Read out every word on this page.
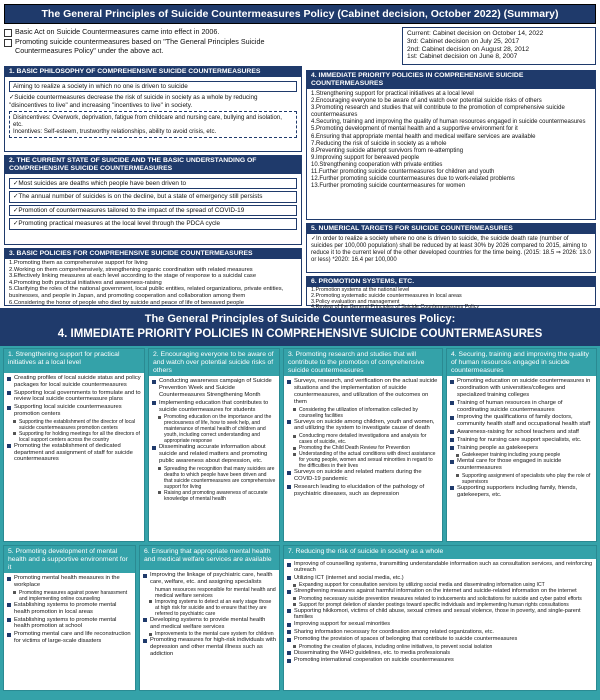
The General Principles of Suicide Countermeasures Policy (Cabinet decision, October 2022) (Summary)
Basic Act on Suicide Countermeasures came into effect in 2006.
Promoting suicide countermeasures based on "The General Principles Suicide Countermeasures Policy" under the above act.
Current: Cabinet decision on October 14, 2022
3rd: Cabinet decision on July 25, 2017
2nd: Cabinet decision on August 28, 2012
1st: Cabinet decision on June 8, 2007
1. BASIC PHILOSOPHY OF COMPREHENSIVE SUICIDE COUNTERMEASURES
Aiming to realize a society in which no one is driven to suicide
✓ Suicide countermeasures decrease the risk of suicide in society as a whole by reducing "disincentives to live" and increasing "incentives to live" in society.
Disincentives: Overwork, deprivation, fatigue from childcare and nursing care, bullying and isolation, etc.
Incentives: Self-esteem, trustworthy relationships, ability to avoid crisis, etc.
2. THE CURRENT STATE OF SUICIDE AND THE BASIC UNDERSTANDING OF COMPREHENSIVE SUICIDE COUNTERMEASURES
✓ Most suicides are deaths which people have been driven to
✓ The annual number of suicides is on the decline, but a state of emergency still persists
✓ Promotion of countermeasures tailored to the impact of the spread of COVID-19
✓ Promoting practical measures at the local level through the PDCA cycle
3. BASIC POLICIES FOR COMPREHENSIVE SUICIDE COUNTERMEASURES
1.Promoting them as comprehensive support for living
2.Working on them comprehensively, strengthening organic coordination with related measures
3.Effectively linking measures at each level according to the stage of response to a suicidal case
4.Promoting both practical initiatives and awareness-raising
5.Clarifying the roles of the national government, local public entities, related organizations, private entities, businesses, and people in Japan, and promoting cooperation and collaboration among them
6.Considering the honor of people who died by suicide and peace of life of bereaved people
4. IMMEDIATE PRIORITY POLICIES IN COMPREHENSIVE SUICIDE COUNTERMEASURES
1.Strengthening support for practical initiatives at a local level
2.Encouraging everyone to be aware of and watch over potential suicide risks of others
3.Promoting research and studies that will contribute to the promotion of comprehensive suicide countermeasures
4.Securing, training and improving the quality of human resources engaged in suicide countermeasures
5.Promoting development of mental health and a supportive environment for it
6.Ensuring that appropriate mental health and medical welfare services are available
7.Reducing the risk of suicide in society as a whole
8.Preventing suicide attempt survivors from re-attempting
9.Improving support for bereaved people
10.Strengthening cooperation with private entities
11.Further promoting suicide countermeasures for children and youth
12.Further promoting suicide countermeasures due to work-related problems
13.Further promoting suicide countermeasures for women
5. NUMERICAL TARGETS FOR SUICIDE COUNTERMEASURES
✓ In order to realize a society where no one is driven to suicide, the suicide death rate (number of suicides per 100,000 population) shall be reduced by at least 30% by 2026 compared to 2015, aiming to reduce it to the current level of the other developed countries for the time being. (2015: 18.5 ⇒ 2026: 13.0 or less) *2020: 16.4 per 100,000
6. PROMOTION SYSTEMS, ETC.
1.Promotion systems at the national level
2.Promoting systematic suicide countermeasures in local areas
3.Policy evaluation and management
The General Principles of Suicide Countermeasures Policy:
4. IMMEDIATE PRIORITY POLICIES IN COMPREHENSIVE SUICIDE COUNTERMEASURES
1. Strengthening support for practical initiatives at a local level
Creating profiles of local suicide status and policy packages for local suicide countermeasures
Supporting local governments to formulate and to review local suicide countermeasure plans
Supporting local suicide countermeasures promotion centers
Supporting the establishment of the director of local suicide countermeasures promotion centers
Supporting for holding meetings for all the directors of local support centers across the country
Promoting the establishment of dedicated department and assignment of staff for suicide countermeasures
2. Encouraging everyone to be aware of and watch over potential suicide risks of others
Conducting awareness campaign of Suicide Prevention Week and Suicide Countermeasures Strengthening Month
Implementing education that contributes to suicide countermeasures for students
Promoting education on the importance and the preciousness of life, how to seek help, and maintenance of mental health of children and youth, including correct understanding and appropriate response
Disseminating accurate information about suicide and related matters and promoting public awareness about depression, etc.
Spreading the recognition that many suicides are deaths to which people have been driven and that suicide countermeasures are comprehensive support for living
Raising and promoting awareness of accurate knowledge of mental health
3. Promoting research and studies that will contribute to the promotion of comprehensive suicide countermeasures
Surveys, research, and verification on the actual suicide situations and the implementation of suicide countermeasures, and utilization of the outcomes on them
Considering the utilization of information collected by counseling facilities
Surveys on suicide among children, youth and women, and utilizing the system to investigate cause of death
Conducting more detailed investigations and analysis for cases of suicide, etc.
Promoting the Child Death Review for Prevention
Understanding of the actual conditions with direct assistance for young people, women and sexual minorities in regard to the difficulties in their lives
Surveys on suicide and related matters during the COVID-19 pandemic
Research leading to elucidation of the pathology of psychiatric diseases, such as depression
4. Securing, training and improving the quality of human resources engaged in suicide countermeasures
Promoting education on suicide countermeasures in coordination with universities/colleges and specialized training colleges
Training of human resources in charge of coordinating suicide countermeasures
Improving the qualifications of family doctors, community health staff and occupational health staff
Awareness-raising for school teachers and staff
Training for nursing care support specialists, etc.
Training people as gatekeepers
Gatekeeper training including young people
Mental care for those engaged in suicide countermeasures
Supporting assignment of specialists who play the role of supervisors
Supporting supporters including family, friends, gatekeepers, etc.
5. Promoting development of mental health and a supportive environment for it
Promoting mental health measures in the workplace
Promoting measures against power harassment and implementing online counseling
Establishing systems to promote mental health promotion in local areas
Establishing systems to promote mental health promotion at school
Promoting mental care and life reconstruction for victims of large-scale disasters
6. Ensuring that appropriate mental health and medical welfare services are available
Improving the linkage of psychiatric care, health care, welfare, etc. and assigning specialists
human resources responsible for mental health and medical welfare services
Improving systems to detect at an early stage those at high risk for suicide and to ensure that they are referred to psychiatric care
Developing systems to provide mental health and medical welfare services
Improvements to the mental care system for children
Promoting measures for high-risk individuals with depression and other mental illness such as addiction
7. Reducing the risk of suicide in society as a whole
Improving of counselling systems, transmitting understandable information such as consultation services, and reinforcing outreach
Utilizing ICT (internet and social media, etc.)
Expanding support for consultation services by utilizing social media and disseminating information using ICT
Strengthening measures against harmful information on the internet and suicide-related information on the internet
Promoting necessary suicide prevention measures related to inducements and solicitations for suicide and cyber patrol efforts
Support for prompt deletion of slander postings toward specific individuals and implementing human rights consultations
Supporting hikikomori, victims of child abuse, sexual crimes and sexual violence, those in poverty, and single-parent families
Improving support for sexual minorities
Sharing information necessary for coordination among related organizations, etc.
Promoting the provision of spaces of belonging that contribute to suicide countermeasures
Promoting the creation of places, including online initiatives, to prevent social isolation
Disseminating the WHO guidelines, etc. to media professionals
Promoting international cooperation on suicide countermeasures
